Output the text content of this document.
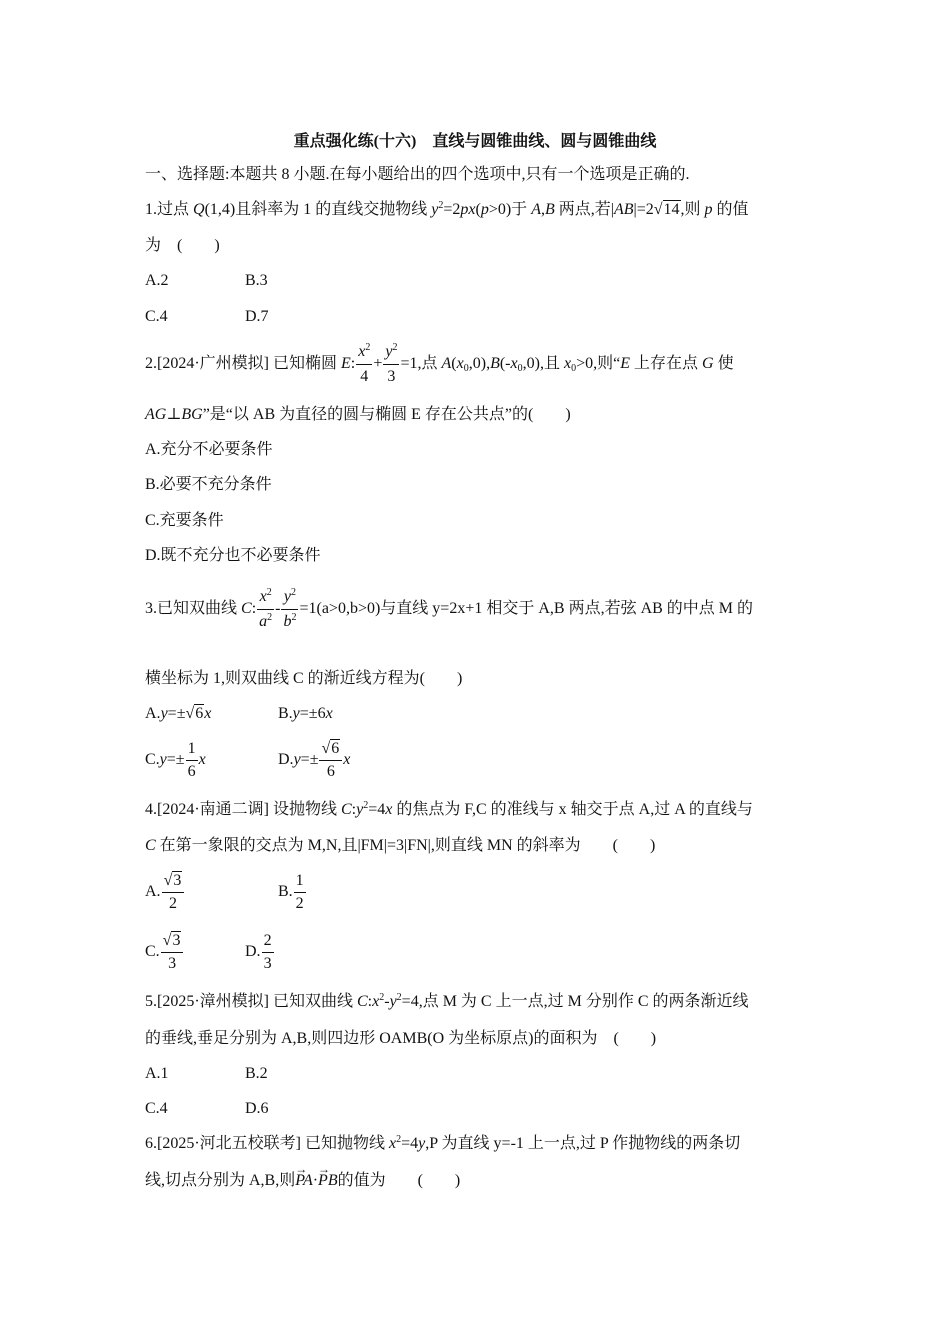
重点强化练(十六)　直线与圆锥曲线、圆与圆锥曲线
一、选择题:本题共 8 小题.在每小题给出的四个选项中,只有一个选项是正确的.
1.过点 Q(1,4)且斜率为 1 的直线交抛物线 $y^2=2px(p>0)$于 A,B 两点,若|AB|=2√14,则 p 的值
为　(　　)
A.2	B.3
C.4	D.7
2.[2024·广州模拟] 已知椭圆 E: $\frac{x^2}{4} + \frac{y^2}{3} =1$,点 $A(x_0,0),B(-x_0,0)$,且 $x_0>0$,则“E 上存在点 G 使
AG⊥BG”是“以 AB 为直径的圆与椭圆 E 存在公共点”的(　　)
A.充分不必要条件
B.必要不充分条件
C.充要条件
D.既不充分也不必要条件
3.已知双曲线 C: $\frac{x^2}{a^2} - \frac{y^2}{b^2} =1(a>0,b>0)$与直线 y=2x+1 相交于 A,B 两点,若弦 AB 的中点 M 的
横坐标为 1,则双曲线 C 的渐近线方程为(　　)
A.y=±√6x	B.y=±6x
$C.y=\pm \frac{1}{6}$ x	$D.y=\pm \frac{√6}{6}$ x
4.[2024·南通二调] 设抛物线 $C:y^2=4x$ 的焦点为 F,C 的准线与 x 轴交于点 A,过 A 的直线与
C 在第一象限的交点为 M,N,且|FM|=3|FN|,则直线 MN 的斜率为　　(　　)
A. $\frac{√3}{2}$	B. $\frac{1}{2}$
C. $\frac{√3}{3}$	D. $\frac{2}{3}$
5.[2025·漳州模拟] 已知双曲线 $C:x^2-y^2=4$,点 M 为 C 上一点,过 M 分别作 C 的两条渐近线
的垂线,垂足分别为 A,B,则四边形 OAMB(O 为坐标原点)的面积为　(　　)
A.1	B.2
C.4	D.6
6.[2025·河北五校联考] 已知抛物线 $x^2=4y,P$ 为直线 y=-1 上一点,过 P 作抛物线的两条切
线,切点分别为 A,B,则→ PA·→ PB的值为　　(　　)
